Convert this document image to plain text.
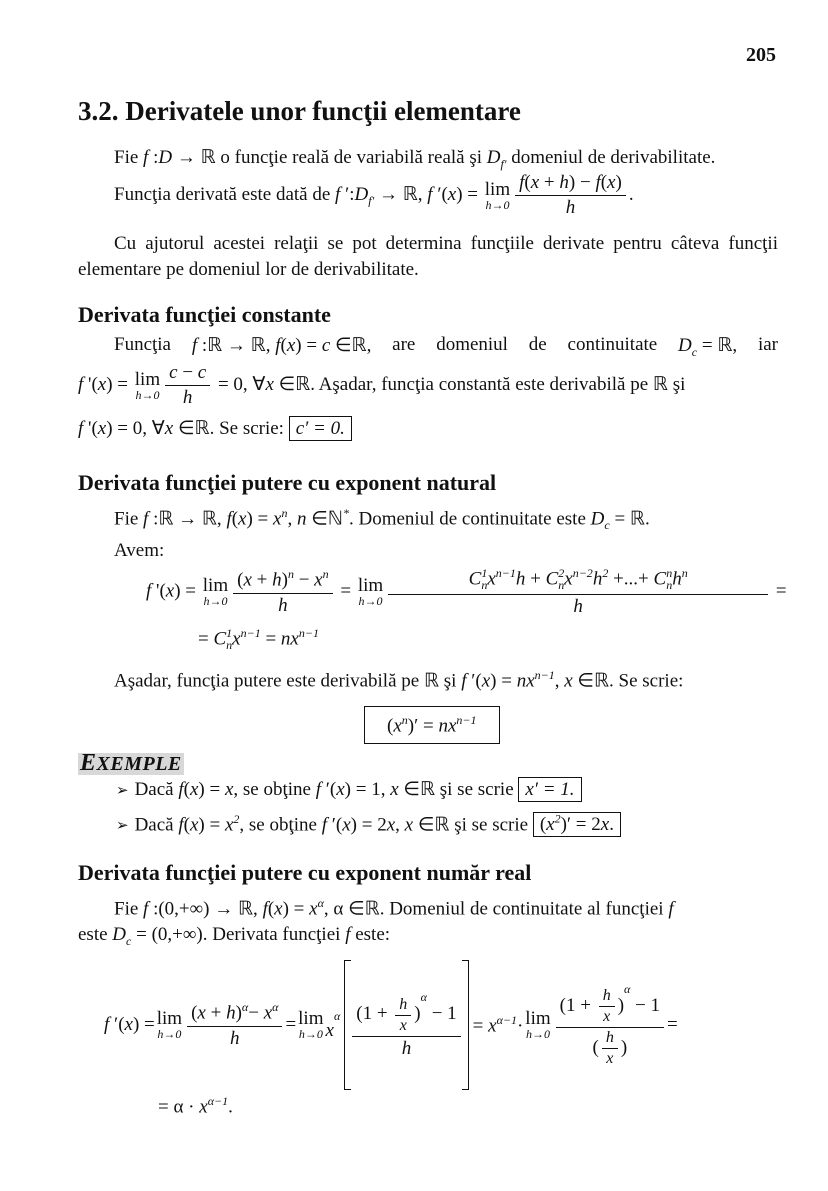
205
3.2. Derivatele unor funcţii elementare
Fie f :D → ℝ o funcţie reală de variabilă reală şi $D_{f'}$ domeniul de derivabilitate.
Funcţia derivată este dată de f $':D_{f'}$ → ℝ, f ′(x) = lim
$h\to 0 \frac{f(x + h) - f(x)}{h}$ .
Cu ajutorul acestei relaţii se pot determina funcţiile derivate pentru câteva funcţii elementare pe domeniul lor de derivabilitate.
Derivata funcţiei constante
Funcţia f :ℝ → ℝ, f(x) = c ∈ℝ, are domeniul de continuitate $D_c$ = ℝ, iar
f '(x) = lim
$h\to 0 \frac{c - c}{h} = 0$, ∀x ∈ℝ. Aşadar, funcţia constantă este derivabilă pe ℝ şi
f '(x) = 0, ∀x ∈ℝ. Se scrie: c′ = 0.
Derivata funcţiei putere cu exponent natural
Fie f :ℝ → ℝ, $f(x) = x^n$, n ∈ℕ*. Domeniul de continuitate este $D_c$ = ℝ.
Avem:
f '(x) = lim
$h\to 0 \frac{(x + h)^n - x^n}{h} = \lim$
$h\to 0 \frac{C^1_nx^{n-1}h + C^2_nx^{n-2}h^2 +...+ C^n_nh^n}{h}$ =
= $C^1_nx^{n-1} = nx^{n-1}$
Aşadar, funcţia putere este derivabilă pe ℝ şi f $'(x) = nx^{n-1}$, x ∈ℝ. Se scrie:
$(x^n)' = nx^{n-1}$
EXEMPLE
➢ Dacă f(x) = x, se obţine f ′(x) = 1, x ∈ℝ şi se scrie x′ = 1.
➢ Dacă $f(x) = x^2$, se obţine f ′(x) = 2x, x ∈ℝ şi se scrie $(x^2)' = 2x$.
Derivata funcţiei putere cu exponent număr real
Fie f :(0,+∞) → ℝ, $f(x) = x^\alpha$, α ∈ℝ. Domeniul de continuitate al funcţiei f
este $D_c = (0,+\infty)$. Derivata funcţiei f este:
f ′(x) = lim
$h\to 0 \frac{(x + h)^\alpha- x^\alpha}{h} = \lim$
h→0 $x^\alpha \frac{(1 + \frac{h}{x} )^\alpha - 1}{h} = x^{\alpha-1}\cdot \lim$
$h\to 0 \frac{(1 + \frac{h}{x} )^\alpha - 1}{( \frac{h}{x} )}$ =
= $\alpha \cdot x^{\alpha-1}$.
